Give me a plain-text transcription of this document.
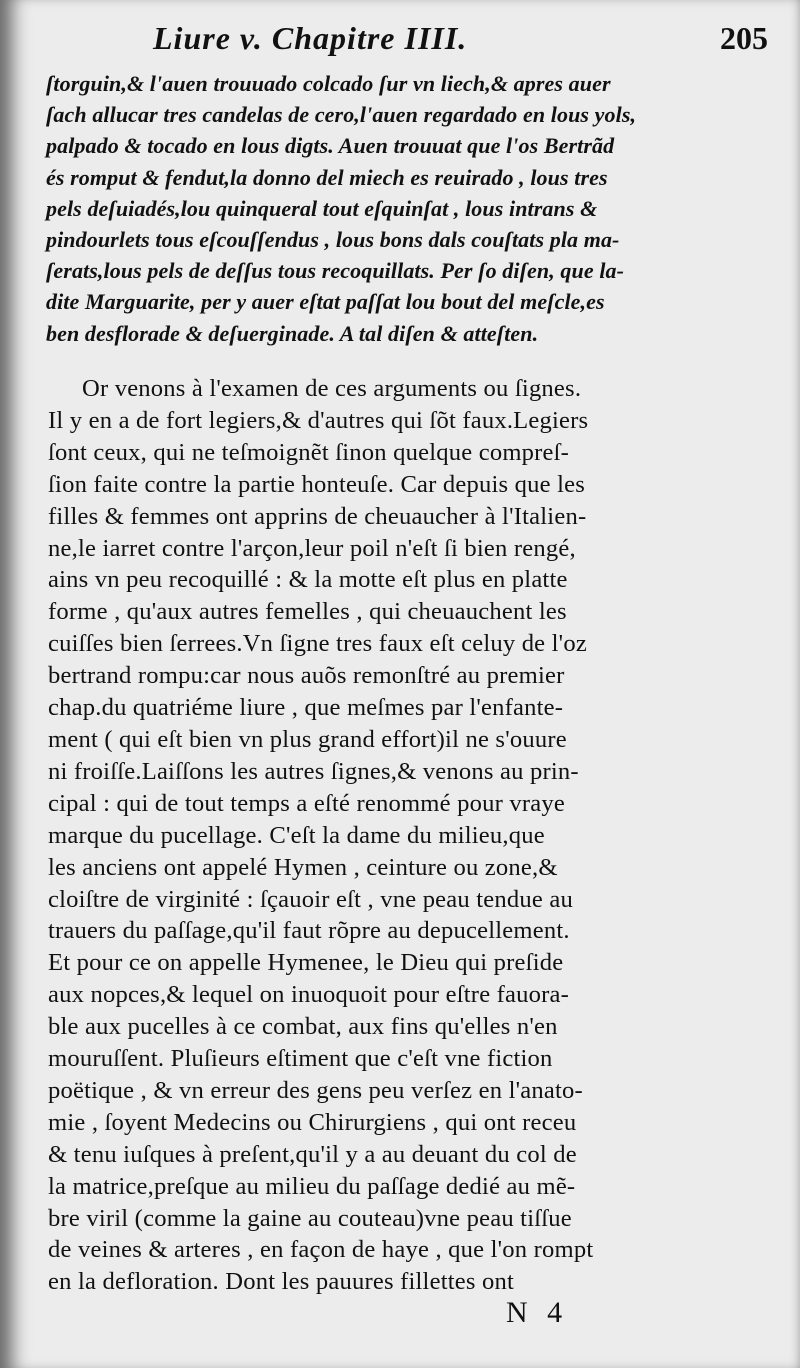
Liure v. Chapitre IIII.	205
ſtorguin,& l'auen trouuado colcado ſur vn liech,& apres auer
ſach allucar tres candelas de cero,l'auen regardado en lous yols,
palpado & tocado en lous digts. Auen trouuat que l'os Bertrãd
és romput & fendut,la donno del miech es reuirado , lous tres
pels deſuiadés,lou quinqueral tout eſquinſat , lous intrans &
pindourlets tous eſcouſſendus , lous bons dals couſtats pla ma-
ſerats,lous pels de deſſus tous recoquillats. Per ſo diſen, que la-
dite Marguarite, per y auer eſtat paſſat lou bout del meſcle,es
ben desflorade & deſuerginade. A tal diſen & atteſten.
Or venons à l'examen de ces arguments ou ſignes.
Il y en a de fort legiers,& d'autres qui ſõt faux.Legiers
ſont ceux, qui ne teſmoignẽt ſinon quelque compreſ-
ſion faite contre la partie honteuſe. Car depuis que les
filles & femmes ont apprins de cheuaucher à l'Italien-
ne,le iarret contre l'arçon,leur poil n'eſt ſi bien rengé,
ains vn peu recoquillé : & la motte eſt plus en platte
forme , qu'aux autres femelles , qui cheuauchent les
cuiſſes bien ſerrees.Vn ſigne tres faux eſt celuy de l'oz
bertrand rompu:car nous auõs remonſtré au premier
chap.du quatriéme liure , que meſmes par l'enfante-
ment ( qui eſt bien vn plus grand effort)il ne s'ouure
ni froiſſe.Laiſſons les autres ſignes,& venons au prin-
cipal : qui de tout temps a eſté renommé pour vraye
marque du pucellage. C'eſt la dame du milieu,que
les anciens ont appelé Hymen , ceinture ou zone,&
cloiſtre de virginité : ſçauoir eſt , vne peau tendue au
trauers du paſſage,qu'il faut rõpre au depucellement.
Et pour ce on appelle Hymenee, le Dieu qui preſide
aux nopces,& lequel on inuoquoit pour eſtre fauora-
ble aux pucelles à ce combat, aux fins qu'elles n'en
mouruſſent. Pluſieurs eſtiment que c'eſt vne fiction
poëtique , & vn erreur des gens peu verſez en l'anato-
mie , ſoyent Medecins ou Chirurgiens , qui ont receu
& tenu iuſques à preſent,qu'il y a au deuant du col de
la matrice,preſque au milieu du paſſage dedié au mẽ-
bre viril (comme la gaine au couteau)vne peau tiſſue
de veines & arteres , en façon de haye , que l'on rompt
en la defloration. Dont les pauures fillettes ont
N 4
